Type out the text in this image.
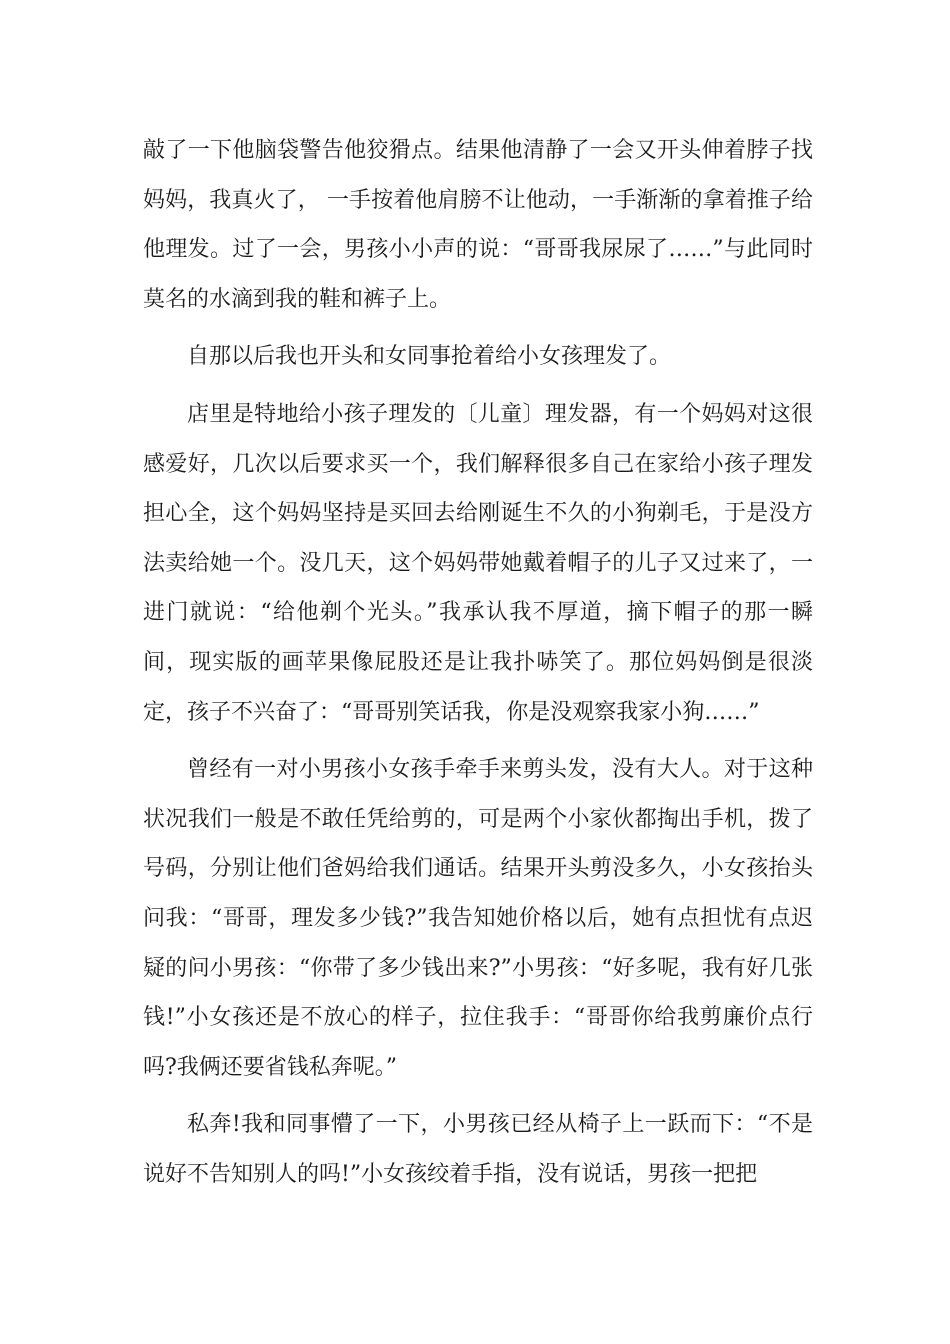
敲了一下他脑袋警告他狡猾点。结果他清静了一会又开头伸着脖子找妈妈，我真火了， 一手按着他肩膀不让他动，一手渐渐的拿着推子给他理发。过了一会，男孩小小声的说：“哥哥我尿尿了……”与此同时莫名的水滴到我的鞋和裤子上。

自那以后我也开头和女同事抢着给小女孩理发了。

店里是特地给小孩子理发的〔儿童〕理发器，有一个妈妈对这很感爱好，几次以后要求买一个，我们解释很多自己在家给小孩子理发担心全，这个妈妈坚持是买回去给刚诞生不久的小狗剃毛，于是没方法卖给她一个。没几天，这个妈妈带她戴着帽子的儿子又过来了，一进门就说：“给他剃个光头。”我承认我不厚道，摘下帽子的那一瞬间，现实版的画苹果像屁股还是让我扑哧笑了。那位妈妈倒是很淡定，孩子不兴奋了：“哥哥别笑话我，你是没观察我家小狗……”

曾经有一对小男孩小女孩手牵手来剪头发，没有大人。对于这种状况我们一般是不敢任凭给剪的，可是两个小家伙都掏出手机，拨了号码，分别让他们爸妈给我们通话。结果开头剪没多久，小女孩抬头问我：“哥哥，理发多少钱?”我告知她价格以后，她有点担忧有点迟疑的问小男孩：“你带了多少钱出来?”小男孩：“好多呢，我有好几张钱!”小女孩还是不放心的样子，拉住我手：“哥哥你给我剪廉价点行吗?我俩还要省钱私奔呢。”

私奔!我和同事懵了一下，小男孩已经从椅子上一跃而下：“不是说好不告知别人的吗!”小女孩绞着手指，没有说话，男孩一把把
